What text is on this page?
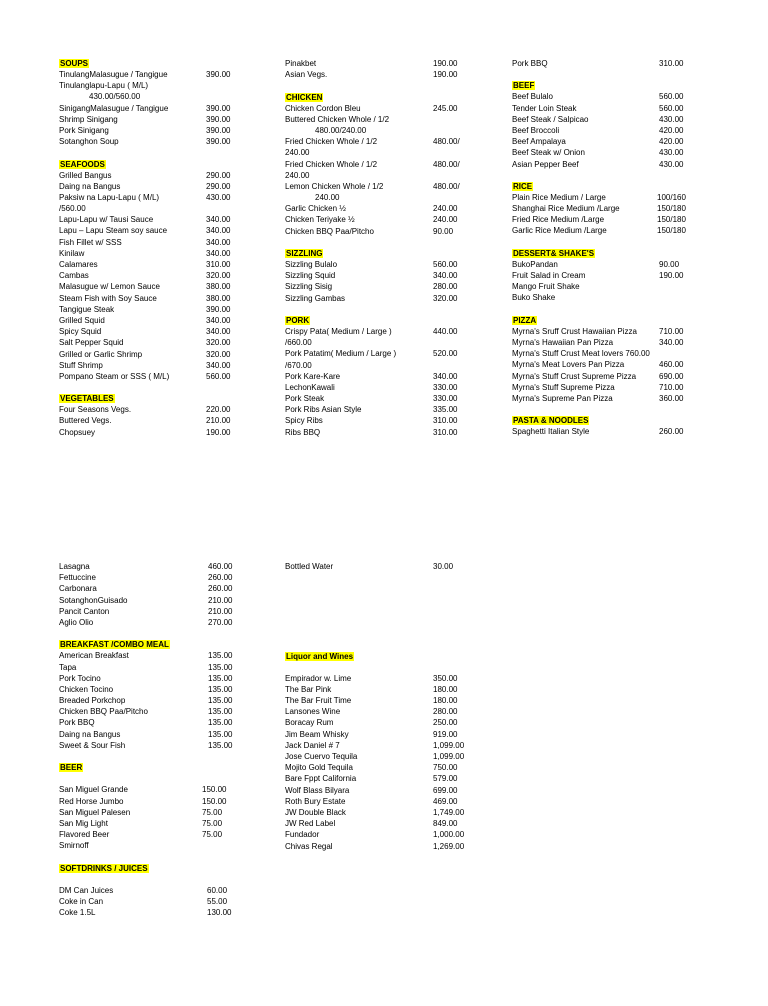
SOUPS
TinulangMalasugue / Tangigue	390.00
Tinulanglapu-Lapu ( M/L)
430.00/560.00
SinigangMalasugue / Tangigue	390.00
Shrimp Sinigang	390.00
Pork Sinigang	390.00
Sotanghon Soup	390.00
SEAFOODS
Grilled Bangus	290.00
Daing na Bangus	290.00
Paksiw na Lapu-Lapu ( M/L)	430.00
/560.00
Lapu-Lapu w/ Tausi Sauce	340.00
Lapu – Lapu Steam soy sauce	340.00
Fish Fillet w/ SSS	340.00
Kinilaw	340.00
Calamares	310.00
Cambas	320.00
Malasugue w/ Lemon Sauce	380.00
Steam Fish with Soy Sauce	380.00
Tangigue Steak	390.00
Grilled Squid	340.00
Spicy Squid	340.00
Salt Pepper Squid	320.00
Grilled or Garlic Shrimp	320.00
Stuff Shrimp	340.00
Pompano Steam or SSS ( M/L)	560.00
VEGETABLES
Four Seasons Vegs.	220.00
Buttered Vegs.	210.00
Chopsuey	190.00
Pinakbet	190.00
Asian Vegs.	190.00
CHICKEN
Chicken Cordon Bleu	245.00
Buttered Chicken Whole / 1/2
480.00/240.00
Fried Chicken Whole / 1/2	480.00/
240.00
Fried Chicken Whole / 1/2	480.00/
240.00
Lemon Chicken Whole / 1/2	480.00/
240.00
Garlic Chicken ½	240.00
Chicken Teriyake ½	240.00
Chicken BBQ Paa/Pitcho	90.00
SIZZLING
Sizzling Bulalo	560.00
Sizzling Squid	340.00
Sizzling Sisig	280.00
Sizzling Gambas	320.00
PORK
Crispy Pata( Medium / Large )	440.00
/660.00
Pork Patatim( Medium / Large )	520.00
/670.00
Pork Kare-Kare	340.00
LechonKawali	330.00
Pork Steak	330.00
Pork Ribs Asian Style	335.00
Spicy Ribs	310.00
Ribs BBQ	310.00
Pork BBQ	310.00
BEEF
Beef Bulalo	560.00
Tender Loin Steak	560.00
Beef Steak / Salpicao	430.00
Beef Broccoli	420.00
Beef Ampalaya	420.00
Beef Steak w/ Onion	430.00
Asian Pepper Beef	430.00
RICE
Plain Rice Medium / Large	100/160
Shanghai Rice Medium /Large	150/180
Fried Rice Medium /Large	150/180
Garlic Rice Medium /Large	150/180
DESSERT& SHAKE'S
BukoPandan	90.00
Fruit Salad in Cream	190.00
Mango Fruit Shake
Buko Shake
PIZZA
Myrna's Sruff Crust Hawaiian Pizza	710.00
Myrna's Hawaiian Pan Pizza	340.00
Myrna's Stuff Crust Meat lovers 760.00
Myrna's Meat Lovers Pan Pizza	460.00
Myrna's Stuff Crust Supreme Pizza	690.00
Myrna's Stuff Supreme Pizza	710.00
Myrna's Supreme Pan Pizza	360.00
PASTA & NOODLES
Spaghetti Italian Style	260.00
Lasagna	460.00
Fettuccine	260.00
Carbonara	260.00
SotanghonGuisado	210.00
Pancit Canton	210.00
Aglio Olio	270.00
BREAKFAST /COMBO MEAL
American Breakfast	135.00
Tapa	135.00
Pork Tocino	135.00
Chicken Tocino	135.00
Breaded Porkchop	135.00
Chicken BBQ Paa/Pitcho	135.00
Pork BBQ	135.00
Daing na Bangus	135.00
Sweet & Sour Fish	135.00
BEER
San Miguel Grande	150.00
Red Horse Jumbo	150.00
San Miguel Palesen	75.00
San Mig Light	75.00
Flavored Beer	75.00
Smirnoff
SOFTDRINKS / JUICES
DM Can Juices	60.00
Coke in Can	55.00
Coke 1.5L	130.00
Bottled Water	30.00
Liquor and Wines
Empirador w. Lime	350.00
The Bar Pink	180.00
The Bar Fruit Time	180.00
Lansones Wine	280.00
Boracay Rum	250.00
Jim Beam Whisky	919.00
Jack Daniel # 7	1,099.00
Jose Cuervo Tequila	1,099.00
Mojito Gold Tequila	750.00
Bare Fppt California	579.00
Wolf Blass Bilyara	699.00
Roth Bury Estate	469.00
JW Double Black	1,749.00
JW Red Label	849.00
Fundador	1,000.00
Chivas Regal	1,269.00
